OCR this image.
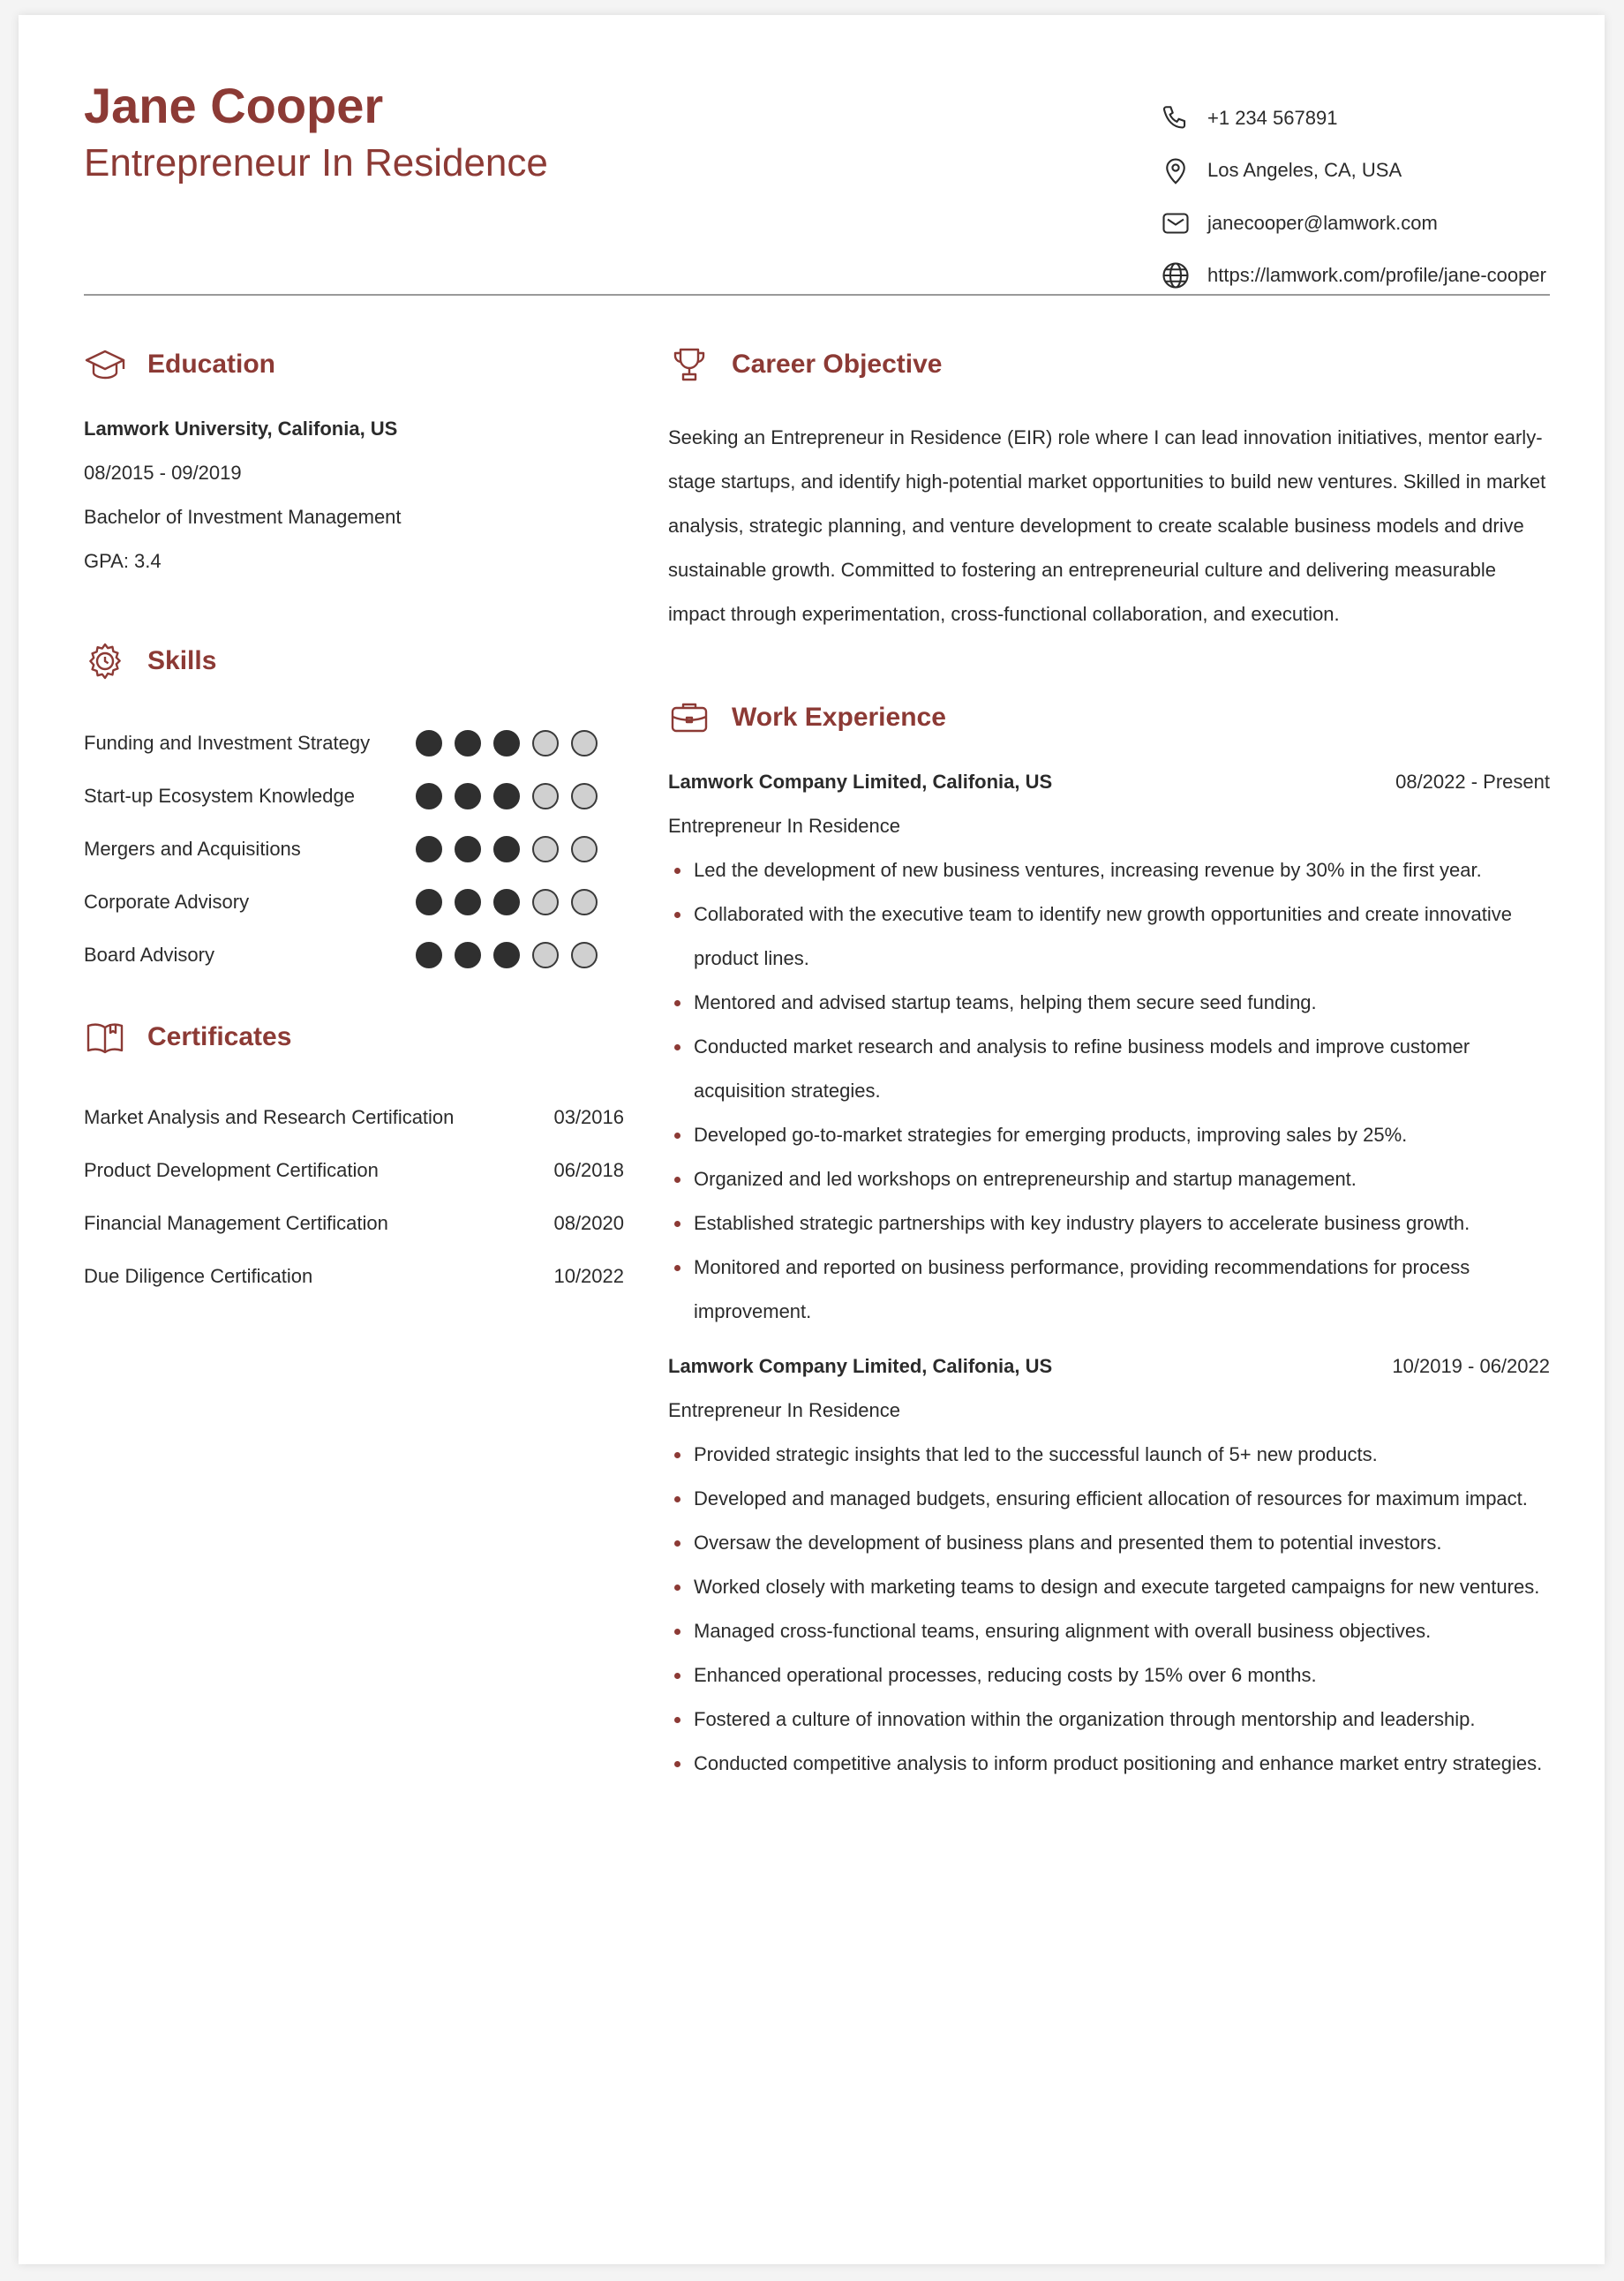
Jane Cooper
Entrepreneur In Residence
+1 234 567891
Los Angeles, CA, USA
janecooper@lamwork.com
https://lamwork.com/profile/jane-cooper
Education
Lamwork University, Califonia, US
08/2015 - 09/2019
Bachelor of Investment Management
GPA: 3.4
Skills
Funding and Investment Strategy
Start-up Ecosystem Knowledge
Mergers and Acquisitions
Corporate Advisory
Board Advisory
Certificates
Market Analysis and Research Certification	03/2016
Product Development Certification	06/2018
Financial Management Certification	08/2020
Due Diligence Certification	10/2022
Career Objective
Seeking an Entrepreneur in Residence (EIR) role where I can lead innovation initiatives, mentor early-stage startups, and identify high-potential market opportunities to build new ventures. Skilled in market analysis, strategic planning, and venture development to create scalable business models and drive sustainable growth. Committed to fostering an entrepreneurial culture and delivering measurable impact through experimentation, cross-functional collaboration, and execution.
Work Experience
Lamwork Company Limited, Califonia, US	08/2022 - Present
Entrepreneur In Residence
Led the development of new business ventures, increasing revenue by 30% in the first year.
Collaborated with the executive team to identify new growth opportunities and create innovative product lines.
Mentored and advised startup teams, helping them secure seed funding.
Conducted market research and analysis to refine business models and improve customer acquisition strategies.
Developed go-to-market strategies for emerging products, improving sales by 25%.
Organized and led workshops on entrepreneurship and startup management.
Established strategic partnerships with key industry players to accelerate business growth.
Monitored and reported on business performance, providing recommendations for process improvement.
Lamwork Company Limited, Califonia, US	10/2019 - 06/2022
Entrepreneur In Residence
Provided strategic insights that led to the successful launch of 5+ new products.
Developed and managed budgets, ensuring efficient allocation of resources for maximum impact.
Oversaw the development of business plans and presented them to potential investors.
Worked closely with marketing teams to design and execute targeted campaigns for new ventures.
Managed cross-functional teams, ensuring alignment with overall business objectives.
Enhanced operational processes, reducing costs by 15% over 6 months.
Fostered a culture of innovation within the organization through mentorship and leadership.
Conducted competitive analysis to inform product positioning and enhance market entry strategies.
